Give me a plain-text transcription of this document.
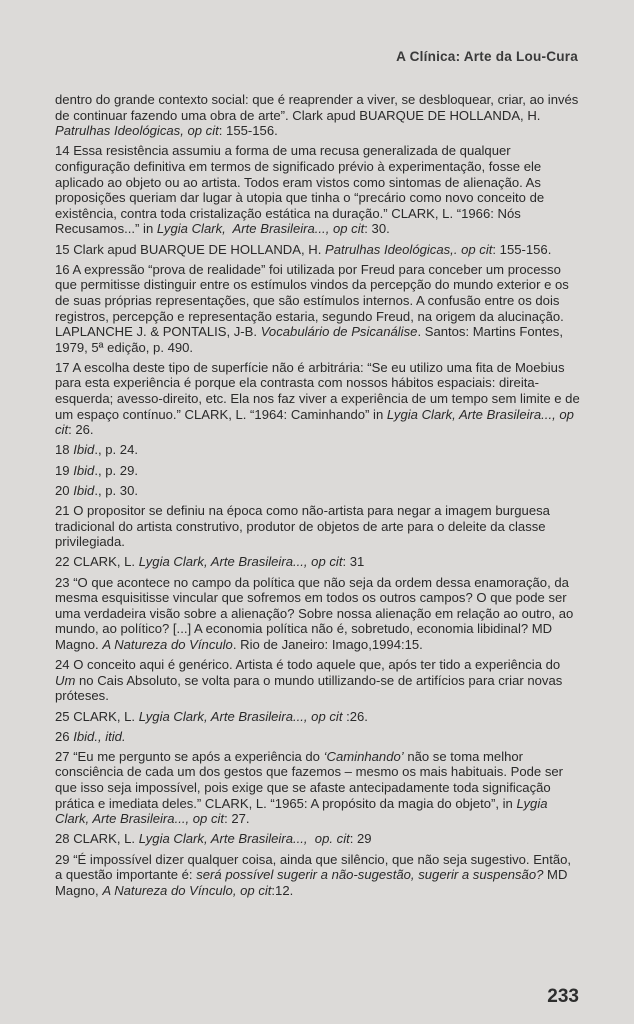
A Clínica: Arte da Lou-Cura

dentro do grande contexto social: que é reaprender a viver, se desbloquear, criar, ao invés de continuar fazendo uma obra de arte”. Clark apud BUARQUE DE HOLLANDA, H. Patrulhas Ideológicas, op cit: 155-156.

14 Essa resistência assumiu a forma de uma recusa generalizada de qualquer configuração definitiva em termos de significado prévio à experimentação, fosse ele aplicado ao objeto ou ao artista. Todos eram vistos como sintomas de alienação. As proposições queriam dar lugar à utopia que tinha o “precário como novo conceito de existência, contra toda cristalização estática na duração.” CLARK, L. “1966: Nós Recusamos...” in Lygia Clark,  Arte Brasileira..., op cit: 30.

15 Clark apud BUARQUE DE HOLLANDA, H. Patrulhas Ideológicas,. op cit: 155-156.

16 A expressão “prova de realidade” foi utilizada por Freud para conceber um processo que permitisse distinguir entre os estímulos vindos da percepção do mundo exterior e os de suas próprias representações, que são estímulos internos. A confusão entre os dois registros, percepção e representação estaria, segundo Freud, na origem da alucinação. LAPLANCHE J. & PONTALIS, J-B. Vocabulário de Psicanálise. Santos: Martins Fontes, 1979, 5ª edição, p. 490.

17 A escolha deste tipo de superfície não é arbitrária: “Se eu utilizo uma fita de Moebius para esta experiência é porque ela contrasta com nossos hábitos espaciais: direita-esquerda; avesso-direito, etc. Ela nos faz viver a experiência de um tempo sem limite e de um espaço contínuo.” CLARK, L. “1964: Caminhando” in Lygia Clark, Arte Brasileira..., op cit: 26.

18 Ibid., p. 24.

19 Ibid., p. 29.

20 Ibid., p. 30.

21 O propositor se definiu na época como não-artista para negar a imagem burguesa tradicional do artista construtivo, produtor de objetos de arte para o deleite da classe privilegiada.

22 CLARK, L. Lygia Clark, Arte Brasileira..., op cit: 31

23 “O que acontece no campo da política que não seja da ordem dessa enamoração, da mesma esquisitisse vincular que sofremos em todos os outros campos? O que pode ser uma verdadeira visão sobre a alienação? Sobre nossa alienação em relação ao outro, ao mundo, ao político? [...] A economia política não é, sobretudo, economia libidinal? MD Magno. A Natureza do Vínculo. Rio de Janeiro: Imago,1994:15.

24 O conceito aqui é genérico. Artista é todo aquele que, após ter tido a experiência do Um no Cais Absoluto, se volta para o mundo utillizando-se de artifícios para criar novas próteses.

25 CLARK, L. Lygia Clark, Arte Brasileira..., op cit :26.

26 Ibid., itid.

27 “Eu me pergunto se após a experiência do ‘Caminhando’ não se toma melhor consciência de cada um dos gestos que fazemos – mesmo os mais habituais. Pode ser que isso seja impossível, pois exige que se afaste antecipadamente toda significação prática e imediata deles.” CLARK, L. “1965: A propósito da magia do objeto”, in Lygia Clark, Arte Brasileira..., op cit: 27.

28 CLARK, L. Lygia Clark, Arte Brasileira...,  op. cit: 29

29 “É impossível dizer qualquer coisa, ainda que silêncio, que não seja sugestivo. Então, a questão importante é: será possível sugerir a não-sugestão, sugerir a suspensão? MD Magno, A Natureza do Vínculo, op cit:12.

233
